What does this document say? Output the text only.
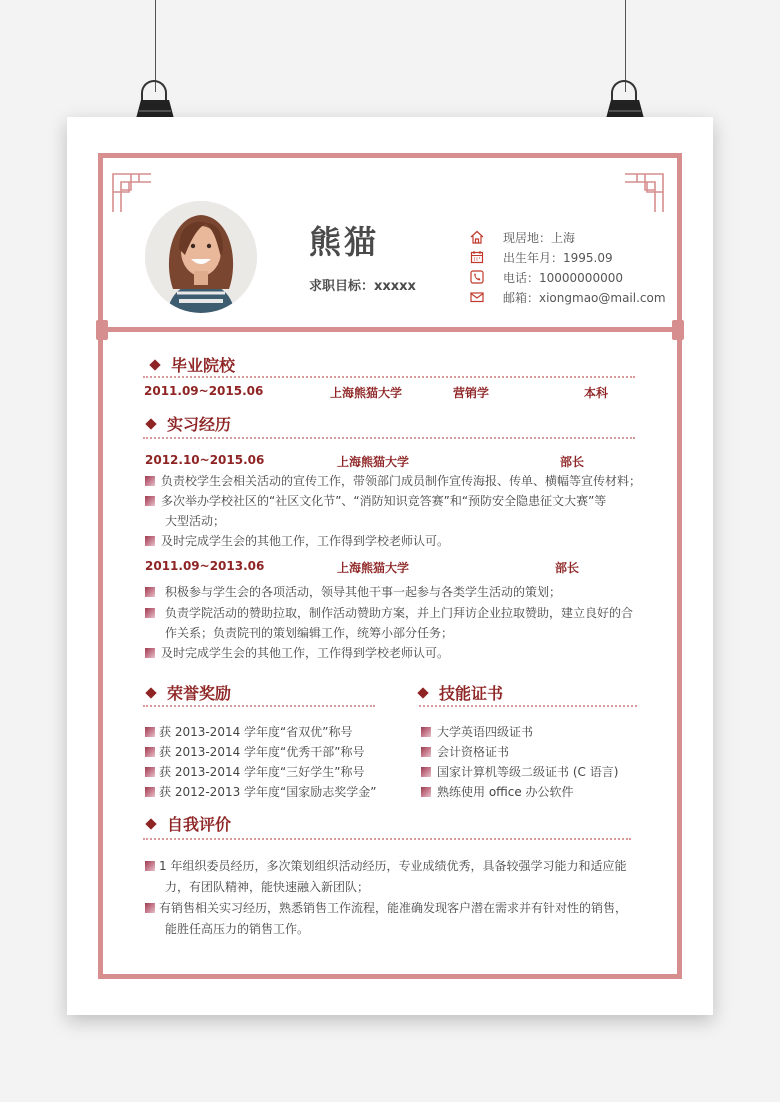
熊猫
求职目标：xxxxx
现居地：上海
出生年月：1995.09
电话：10000000000
邮箱：xiongmao@mail.com
毕业院校
2011.09~2015.06	上海熊猫大学	营销学	本科
实习经历
2012.10~2015.06	上海熊猫大学	部长
负责校学生会相关活动的宣传工作，带领部门成员制作宣传海报、传单、横幅等宣传材料；
多次举办学校社区的“社区文化节”、“消防知识竞答赛”和“预防安全隐患征文大赛”等
大型活动；
及时完成学生会的其他工作，工作得到学校老师认可。
2011.09~2013.06	上海熊猫大学	部长
积极参与学生会的各项活动，领导其他干事一起参与各类学生活动的策划；
负责学院活动的赞助拉取，制作活动赞助方案，并上门拜访企业拉取赞助，建立良好的合
作关系；负责院刊的策划编辑工作，统筹小部分任务；
及时完成学生会的其他工作，工作得到学校老师认可。
荣誉奖励
获 2013-2014 学年度“省双优”称号
获 2013-2014 学年度“优秀干部”称号
获 2013-2014 学年度“三好学生”称号
获 2012-2013 学年度“国家励志奖学金”
技能证书
大学英语四级证书
会计资格证书
国家计算机等级二级证书 (C 语言)
熟练使用 office 办公软件
自我评价
1 年组织委员经历，多次策划组织活动经历，专业成绩优秀，具备较强学习能力和适应能
力，有团队精神，能快速融入新团队；
有销售相关实习经历，熟悉销售工作流程，能准确发现客户潜在需求并有针对性的销售，
能胜任高压力的销售工作。
